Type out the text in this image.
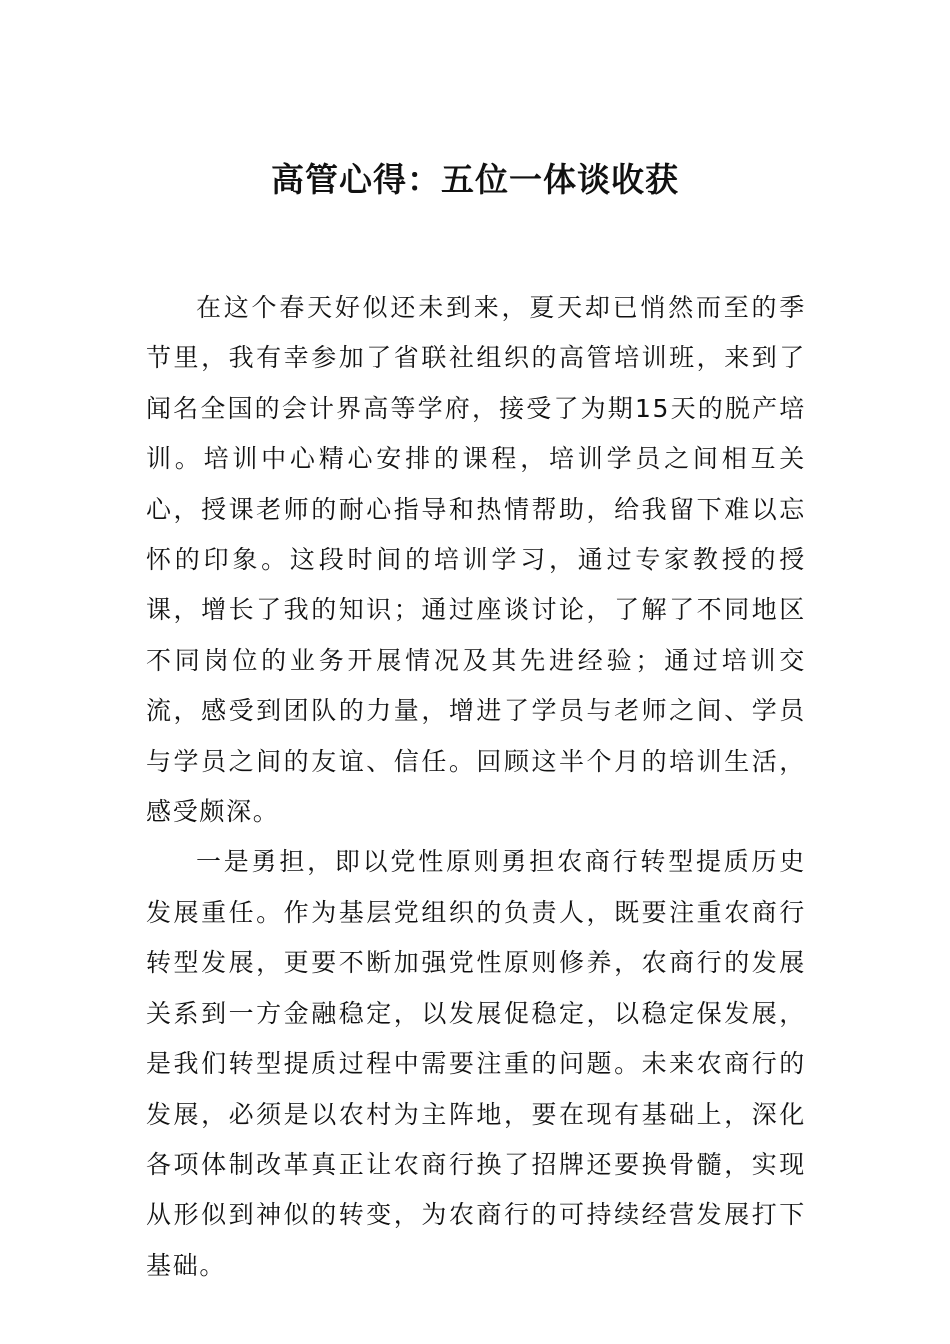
高管心得：五位一体谈收获

在这个春天好似还未到来，夏天却已悄然而至的季节里，我有幸参加了省联社组织的高管培训班，来到了闻名全国的会计界高等学府，接受了为期15天的脱产培训。培训中心精心安排的课程，培训学员之间相互关心，授课老师的耐心指导和热情帮助，给我留下难以忘怀的印象。这段时间的培训学习，通过专家教授的授课，增长了我的知识；通过座谈讨论，了解了不同地区不同岗位的业务开展情况及其先进经验；通过培训交流，感受到团队的力量，增进了学员与老师之间、学员与学员之间的友谊、信任。回顾这半个月的培训生活，感受颇深。

一是勇担，即以党性原则勇担农商行转型提质历史发展重任。作为基层党组织的负责人，既要注重农商行转型发展，更要不断加强党性原则修养，农商行的发展关系到一方金融稳定，以发展促稳定，以稳定保发展，是我们转型提质过程中需要注重的问题。未来农商行的发展，必须是以农村为主阵地，要在现有基础上，深化各项体制改革真正让农商行换了招牌还要换骨髓，实现从形似到神似的转变，为农商行的可持续经营发展打下基础。
